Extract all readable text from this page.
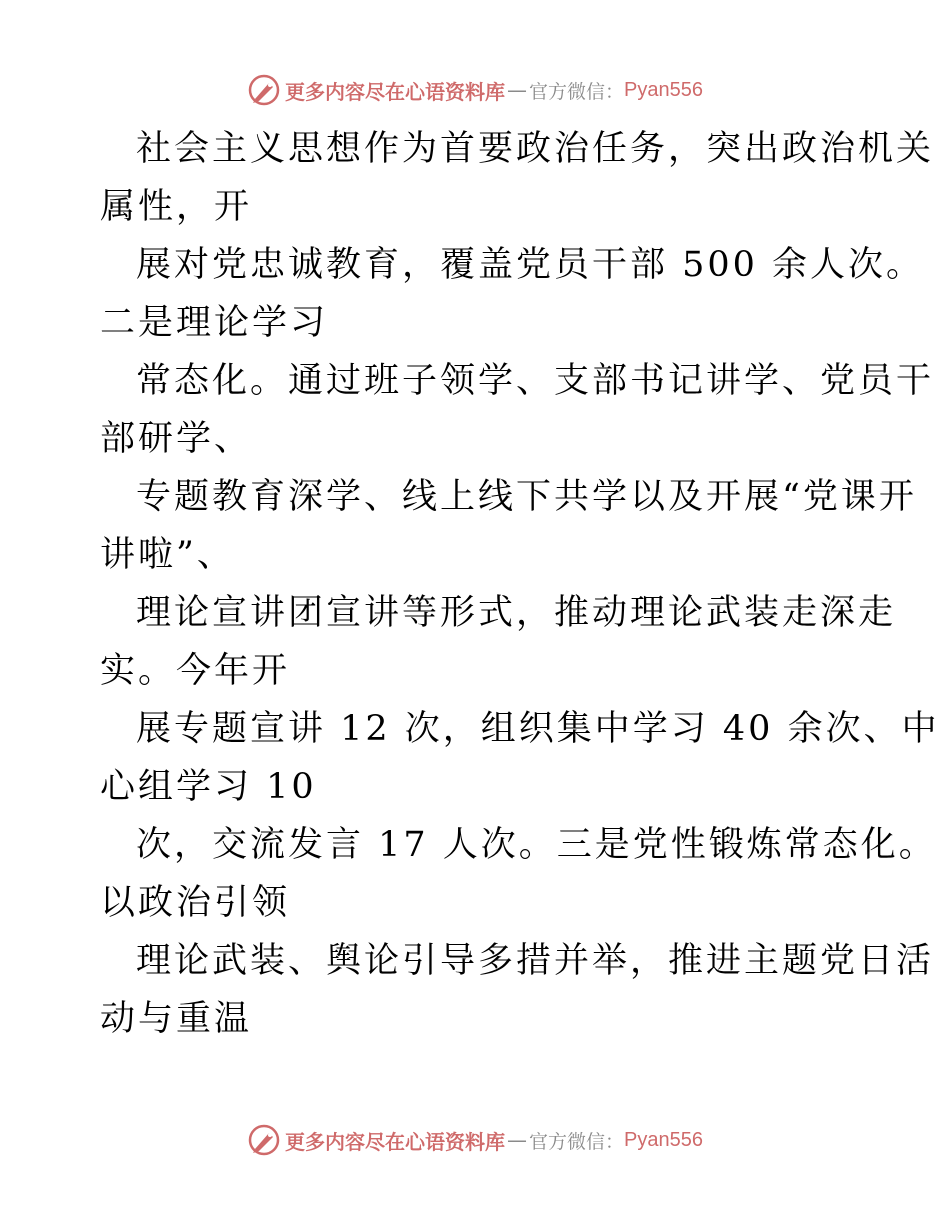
更多内容尽在心语资料库 — 官方微信： Pyan556
社会主义思想作为首要政治任务，突出政治机关
属性，开
展对党忠诚教育，覆盖党员干部 500 余人次。
二是理论学习
常态化。通过班子领学、支部书记讲学、党员干
部研学、
专题教育深学、线上线下共学以及开展“党课开
讲啦”、
理论宣讲团宣讲等形式，推动理论武装走深走
实。今年开
展专题宣讲 12 次，组织集中学习 40 余次、中
心组学习 10
次，交流发言 17 人次。三是党性锻炼常态化。
以政治引领
理论武装、舆论引导多措并举，推进主题党日活
动与重温
更多内容尽在心语资料库 — 官方微信： Pyan556
